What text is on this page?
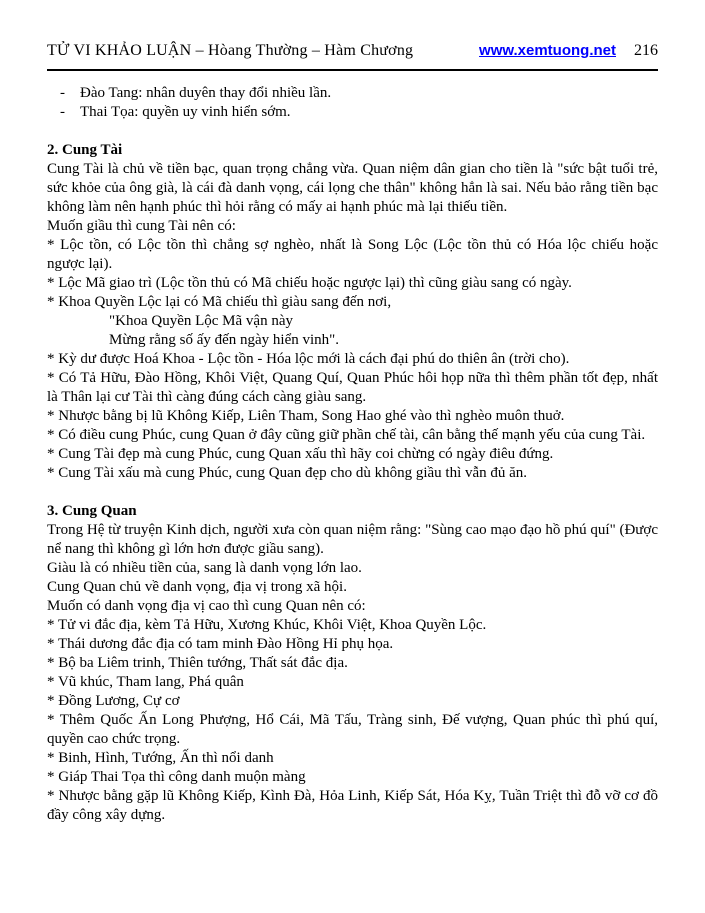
TỬ VI KHẢO LUẬN – Hòang Thường – Hàm Chương	www.xemtuong.net 216
-	Đào Tang: nhân duyên thay đổi nhiều lần.
-	Thai Tọa: quyền uy vinh hiển sớm.
2. Cung Tài

Cung Tài là chủ về tiền bạc, quan trọng chẳng vừa. Quan niệm dân gian cho tiền là "sức bật tuổi trẻ, sức khỏe của ông già, là cái đà danh vọng, cái lọng che thân" không hẳn là sai. Nếu bảo rằng tiền bạc không làm nên hạnh phúc thì hỏi rằng có mấy ai hạnh phúc mà lại thiếu tiền.

Muốn giầu thì cung Tài nên có:

* Lộc tồn, có Lộc tồn thì chẳng sợ nghèo, nhất là Song Lộc (Lộc tồn thủ có Hóa lộc chiếu hoặc ngược lại).

* Lộc Mã giao trì (Lộc tồn thủ có Mã chiếu hoặc ngược lại) thì cũng giàu sang có ngày.

* Khoa Quyền Lộc lại có Mã chiếu thì giàu sang đến nơi,

"Khoa Quyền Lộc Mã vận này

Mừng rằng số ấy đến ngày hiển vinh".

* Kỳ dư được Hoá Khoa - Lộc tồn - Hóa lộc mới là cách đại phú do thiên ân (trời cho).

* Có Tả Hữu, Đào Hồng, Khôi Việt, Quang Quí, Quan Phúc hôi họp nữa thì thêm phần tốt đẹp, nhất là Thân lại cư Tài thì càng đúng cách càng giàu sang.

* Nhược bằng bị lũ Không Kiếp, Liên Tham, Song Hao ghé vào thì nghèo muôn thuở.

* Có điều cung Phúc, cung Quan ở đây cũng giữ phần chế tài, cân bằng thế mạnh yếu của cung Tài.

* Cung Tài đẹp mà cung Phúc, cung Quan xấu thì hãy coi chừng có ngày điêu đứng.

* Cung Tài xấu mà cung Phúc, cung Quan đẹp cho dù không giầu thì vẫn đủ ăn.

3. Cung Quan

Trong Hệ từ truyện Kinh dịch, người xưa còn quan niệm rằng: "Sùng cao mạo đạo hồ phú quí" (Được nể nang thì không gì lớn hơn được giầu sang).

Giàu là có nhiều tiền của, sang là danh vọng lớn lao.

Cung Quan chủ về danh vọng, địa vị trong xã hội.

Muốn có danh vọng địa vị cao thì cung Quan nên có:

* Tử vi đắc địa, kèm Tả Hữu, Xương Khúc, Khôi Việt, Khoa Quyền Lộc.

* Thái dương đắc địa có tam minh Đào Hồng Hỉ phụ họa.

* Bộ ba Liêm trinh, Thiên tướng, Thất sát đắc địa.

* Vũ khúc, Tham lang, Phá quân

* Đồng Lương, Cự cơ

* Thêm Quốc Ấn Long Phượng, Hổ Cái, Mã Tấu, Tràng sinh, Đế vượng, Quan phúc thì phú quí, quyền cao chức trọng.

* Binh, Hình, Tướng, Ấn thì nổi danh

* Giáp Thai Tọa thì công danh muộn màng

* Nhược bằng gặp lũ Không Kiếp, Kình Đà, Hỏa Linh, Kiếp Sát, Hóa Kỵ, Tuần Triệt thì đỗ vỡ cơ đồ đầy công xây dựng.
